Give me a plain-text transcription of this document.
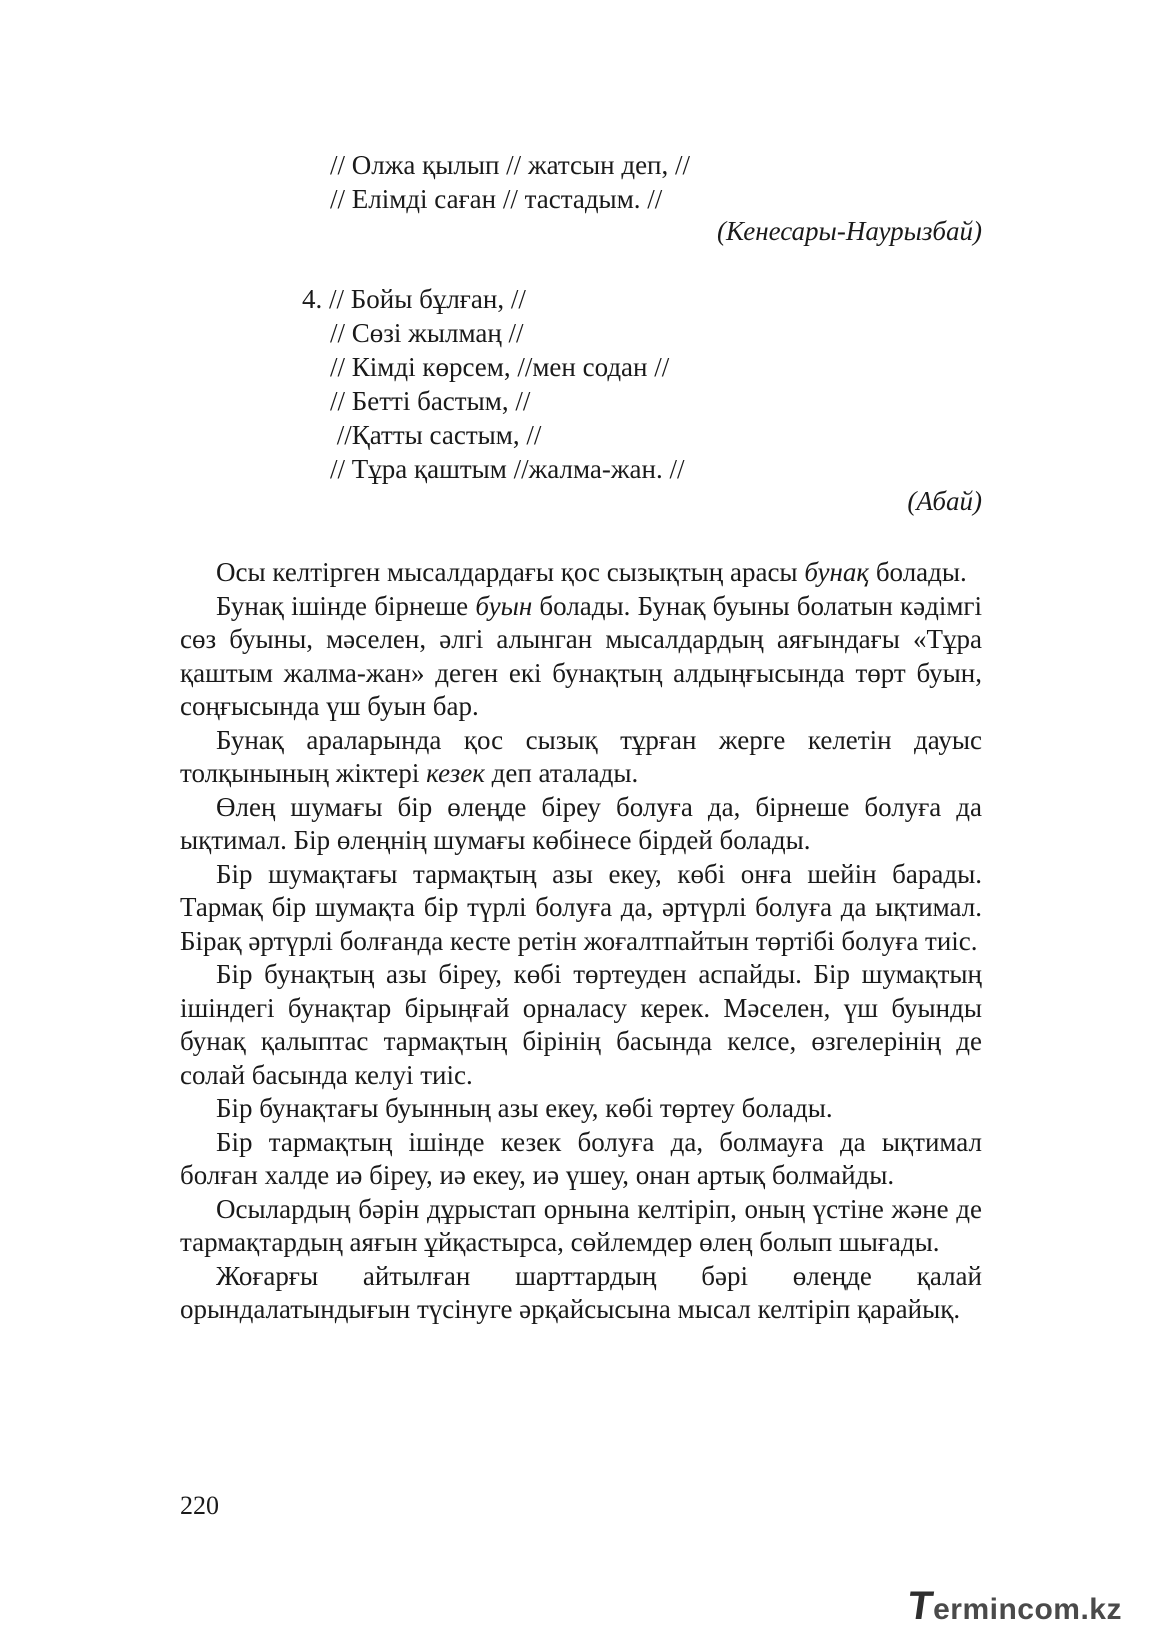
// Олжа қылып // жатсын деп, //
// Елімді саған // тастадым. //
(Кенесары-Наурызбай)
4. // Бойы бұлған, //
// Сөзі жылмаң //
// Кімді көрсем, //мен содан //
// Бетті бастым, //
//Қатты састым, //
// Тұра қаштым //жалма-жан. //
(Абай)

Осы келтірген мысалдардағы қос сызықтың арасы бунақ болады.

Бунақ ішінде бірнеше буын болады. Бунақ буыны болатын кәдімгі сөз буыны, мәселен, әлгі алынган мысалдардың аяғындағы «Тұра қаштым жалма-жан» деген екі бунақтың алдыңғысында төрт буын, соңғысында үш буын бар.

Бунақ араларында қос сызық тұрған жерге келетін дауыс толқынының жіктері кезек деп аталады.

Өлең шумағы бір өлеңде біреу болуға да, бірнеше болуға да ықтимал. Бір өлеңнің шумағы көбінесе бірдей болады.

Бір шумақтағы тармақтың азы екеу, көбі онға шейін барады. Тармақ бір шумақта бір түрлі болуға да, әртүрлі болуға да ықтимал. Бірақ әртүрлі болғанда кесте ретін жоғалтпайтын төртібі болуға тиіс.

Бір бунақтың азы біреу, көбі төртеуден аспайды. Бір шумақтың ішіндегі бунақтар бірыңғай орналасу керек. Мәселен, үш буынды бунақ қалыптас тармақтың бірінің басында келсе, өзгелерінің де солай басында келуі тиіс.

Бір бунақтағы буынның азы екеу, көбі төртеу болады.

Бір тармақтың ішінде кезек болуға да, болмауға да ықтимал болған халде иә біреу, иә екеу, иә үшеу, онан артық болмайды.

Осылардың бәрін дұрыстап орнына келтіріп, оның үстіне және де тармақтардың аяғын ұйқастырса, сөйлемдер өлең болып шығады.

Жоғарғы айтылған шарттардың бәрі өлеңде қалай орындалатындығын түсінуге әрқайсысына мысал келтіріп қарайық.

220
Termincom.kz
